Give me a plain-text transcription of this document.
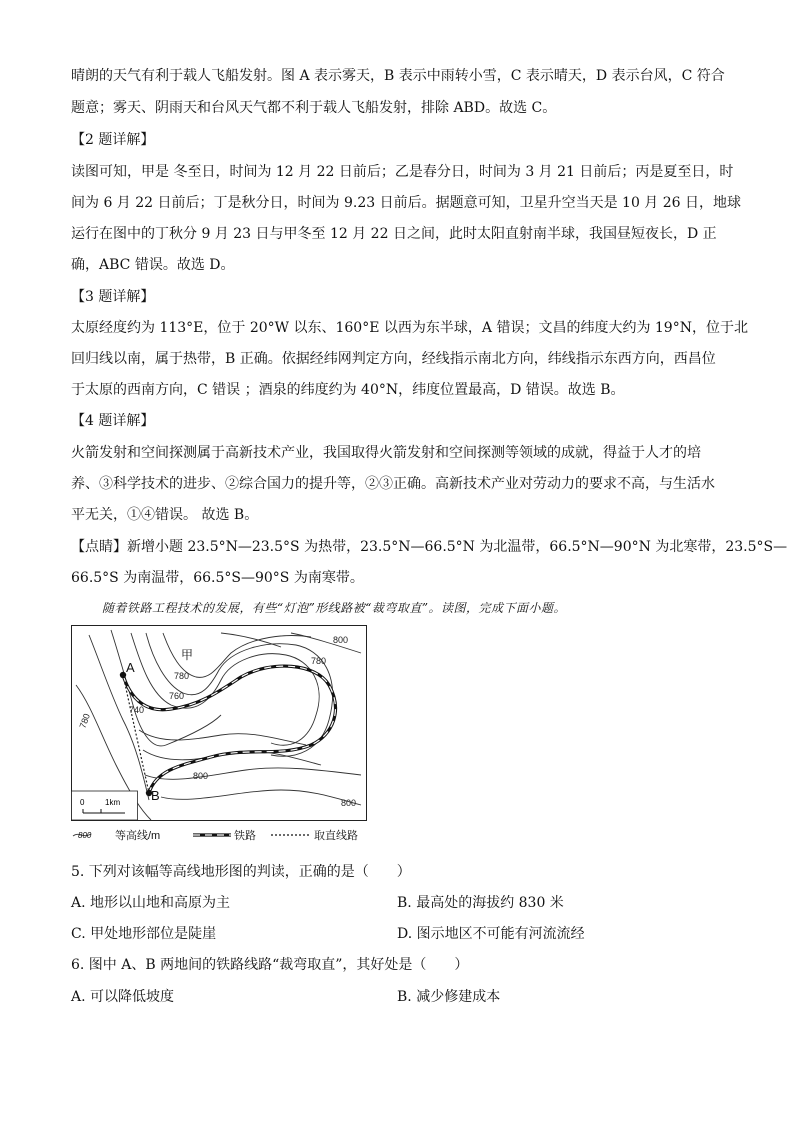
晴朗的天气有利于载人飞船发射。图 A 表示雾天，B 表示中雨转小雪，C 表示晴天，D 表示台风，C 符合
题意；雾天、阴雨天和台风天气都不利于载人飞船发射，排除 ABD。故选 C。
【2 题详解】
读图可知，甲是 冬至日，时间为 12 月 22 日前后；乙是春分日，时间为 3 月 21 日前后；丙是夏至日，时
间为 6 月 22 日前后；丁是秋分日，时间为 9.23 日前后。据题意可知，卫星升空当天是 10 月 26 日，地球
运行在图中的丁秋分 9 月 23 日与甲冬至 12 月 22 日之间，此时太阳直射南半球，我国昼短夜长，D 正
确，ABC 错误。故选 D。
【3 题详解】
太原经度约为 113°E，位于 20°W 以东、160°E 以西为东半球，A 错误；文昌的纬度大约为 19°N，位于北
回归线以南，属于热带，B 正确。依据经纬网判定方向，经线指示南北方向，纬线指示东西方向，西昌位
于太原的西南方向，C 错误 ；酒泉的纬度约为 40°N，纬度位置最高，D 错误。故选 B。
【4 题详解】
火箭发射和空间探测属于高新技术产业，我国取得火箭发射和空间探测等领域的成就，得益于人才的培
养、③科学技术的进步、②综合国力的提升等，②③正确。高新技术产业对劳动力的要求不高，与生活水
平无关，①④错误。 故选 B。
【点睛】新增小题 23.5°N—23.5°S 为热带，23.5°N—66.5°N 为北温带，66.5°N—90°N 为北寒带，23.5°S—
66.5°S 为南温带，66.5°S—90°S 为南寒带。
随着铁路工程技术的发展，有些“灯泡”形线路被“裁弯取直”。读图，完成下面小题。
A
B
甲
800
780
780
760
740
780
800
800
0	1km
800 等高线/m	铁路	取直线路
5. 下列对该幅等高线地形图的判读，正确的是（　　）
A. 地形以山地和高原为主	B. 最高处的海拔约 830 米
C. 甲处地形部位是陡崖	D. 图示地区不可能有河流流经
6. 图中 A、B 两地间的铁路线路“裁弯取直”，其好处是（　　）
A. 可以降低坡度	B. 减少修建成本
